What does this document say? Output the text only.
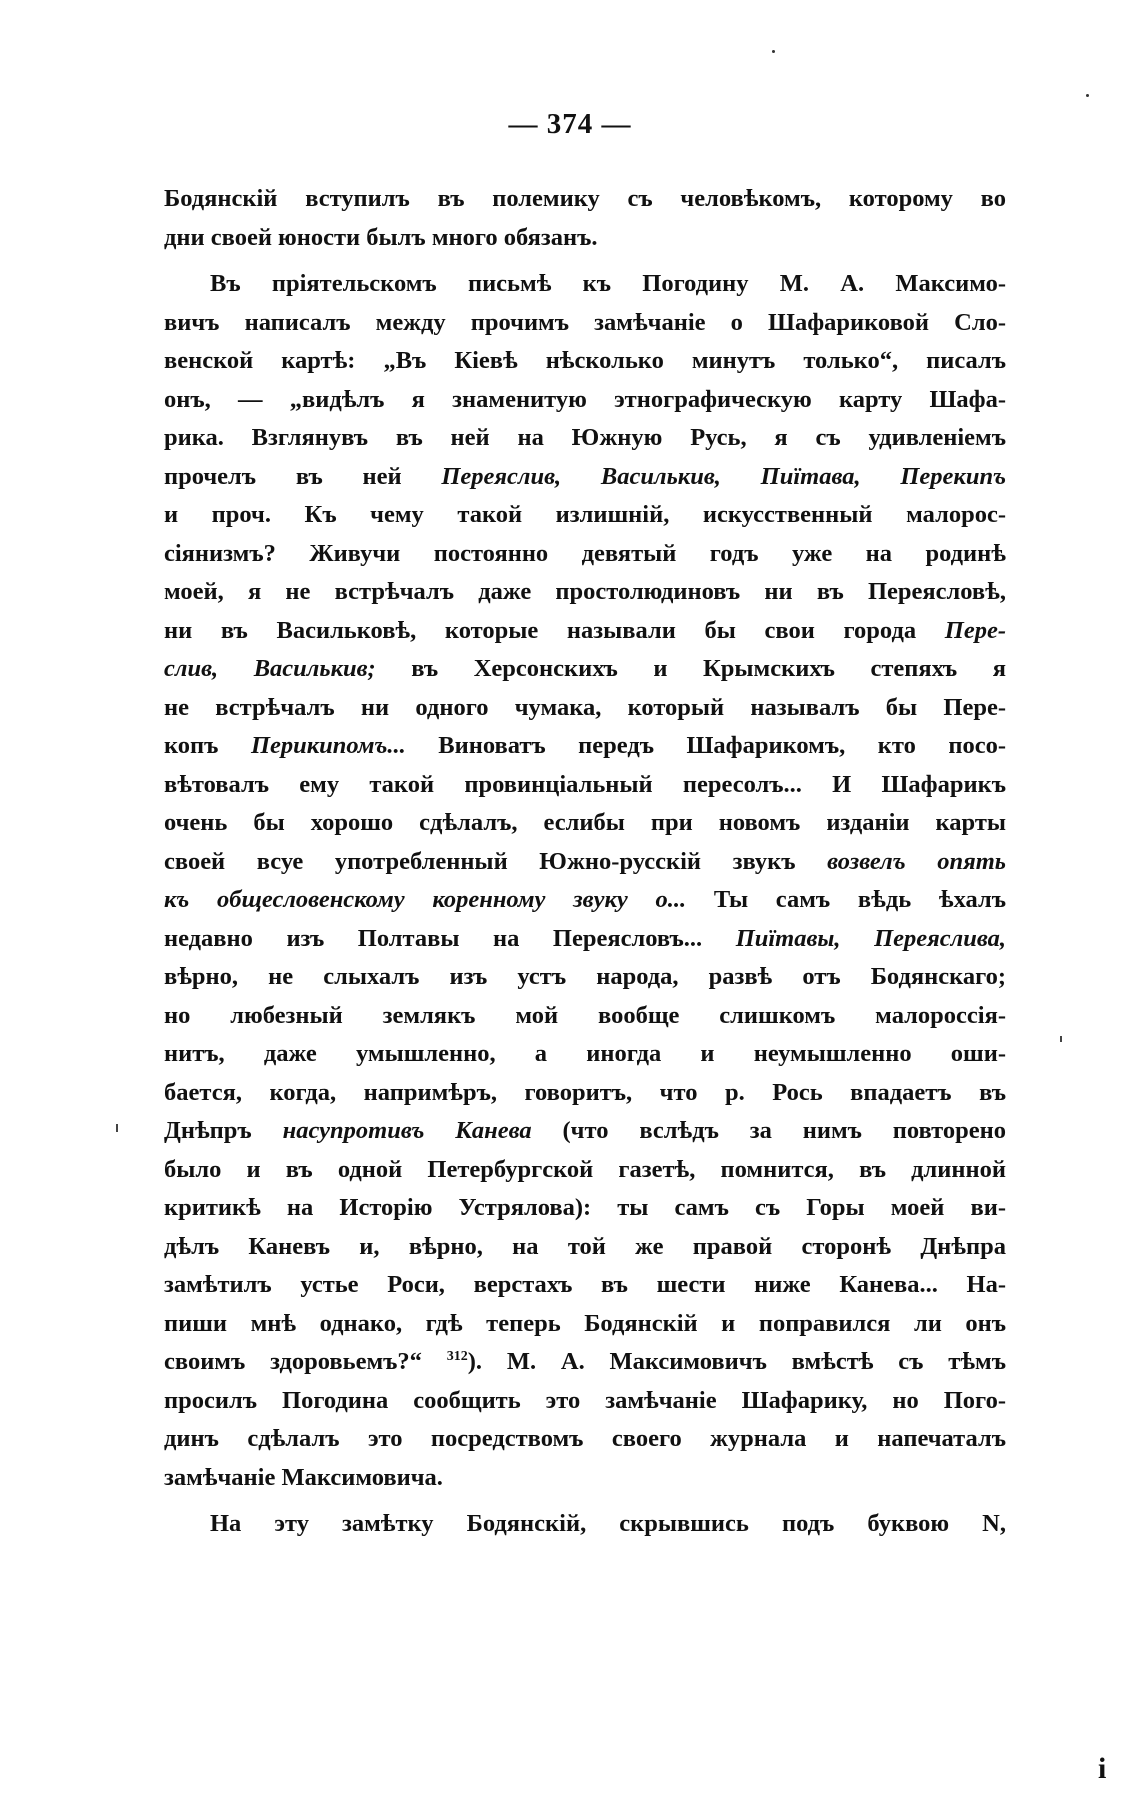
— 374 —
Бодянскій вступилъ въ полемику съ человѣкомъ, которому во
дни своей юности былъ много обязанъ.
Въ пріятельскомъ письмѣ къ Погодину М. А. Максимо-
вичъ написалъ между прочимъ замѣчаніе о Шафариковой Сло-
венской картѣ: „Въ Кіевѣ нѣсколько минутъ только“, писалъ
онъ, — „видѣлъ я знаменитую этнографическую карту Шафа-
рика. Взглянувъ въ ней на Южную Русь, я съ удивленіемъ
прочелъ въ ней Переяслив, Василькив, Пиїтава, Перекипъ
и проч. Къ чему такой излишній, искусственный малорос-
сіянизмъ? Живучи постоянно девятый годъ уже на родинѣ
моей, я не встрѣчалъ даже простолюдиновъ ни въ Переясловѣ,
ни въ Васильковѣ, которые называли бы свои города Пере-
слив, Василькив; въ Херсонскихъ и Крымскихъ степяхъ я
не встрѣчалъ ни одного чумака, который называлъ бы Пере-
копъ Перикипомъ... Виноватъ передъ Шафарикомъ, кто посо-
вѣтовалъ ему такой провинціальный пересолъ... И Шафарикъ
очень бы хорошо сдѣлалъ, еслибы при новомъ изданіи карты
своей всуе употребленный Южно-русскій звукъ возвелъ опять
къ общесловенскому коренному звуку о... Ты самъ вѣдь ѣхалъ
недавно изъ Полтавы на Переясловъ... Пиїтавы, Переяслива,
вѣрно, не слыхалъ изъ устъ народа, развѣ отъ Бодянскаго;
но любезный землякъ мой вообще слишкомъ малороссія-
нитъ, даже умышленно, а иногда и неумышленно оши-
бается, когда, напримѣръ, говоритъ, что р. Рось впадаетъ въ
Днѣпръ насупротивъ Канева (что вслѣдъ за нимъ повторено
было и въ одной Петербургской газетѣ, помнится, въ длинной
критикѣ на Исторію Устрялова): ты самъ съ Горы моей ви-
дѣлъ Каневъ и, вѣрно, на той же правой сторонѣ Днѣпра
замѣтилъ устье Роси, верстахъ въ шести ниже Канева... На-
пиши мнѣ однако, гдѣ теперь Бодянскій и поправился ли онъ
своимъ здоровьемъ?“ $^{312}$). М. А. Максимовичъ вмѣстѣ съ тѣмъ
просилъ Погодина сообщить это замѣчаніе Шафарику, но Пого-
динъ сдѣлалъ это посредствомъ своего журнала и напечаталъ
замѣчаніе Максимовича.
На эту замѣтку Бодянскій, скрывшись подъ буквою N,
i
